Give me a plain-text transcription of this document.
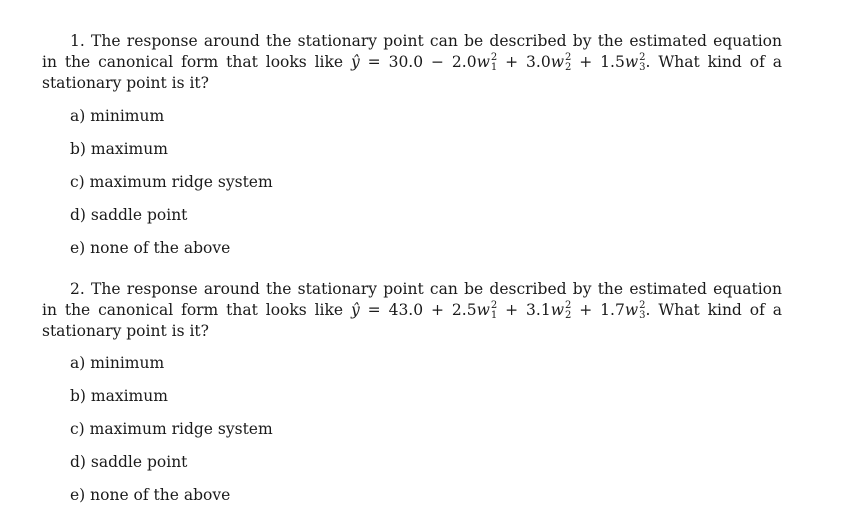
1. The response around the stationary point can be described by the estimated equation in the canonical form that looks like ŷ = 30.0 − 2.0w 2
1 + 3.0w 2
2 + 1.5w 2
3 . What kind of a stationary point is it?

a) minimum
b) maximum
c) maximum ridge system
d) saddle point
e) none of the above

2. The response around the stationary point can be described by the estimated equation in the canonical form that looks like ŷ = 43.0 + 2.5w 2
1 + 3.1w 2
2 + 1.7w 2
3 . What kind of a stationary point is it?

a) minimum
b) maximum
c) maximum ridge system
d) saddle point
e) none of the above
